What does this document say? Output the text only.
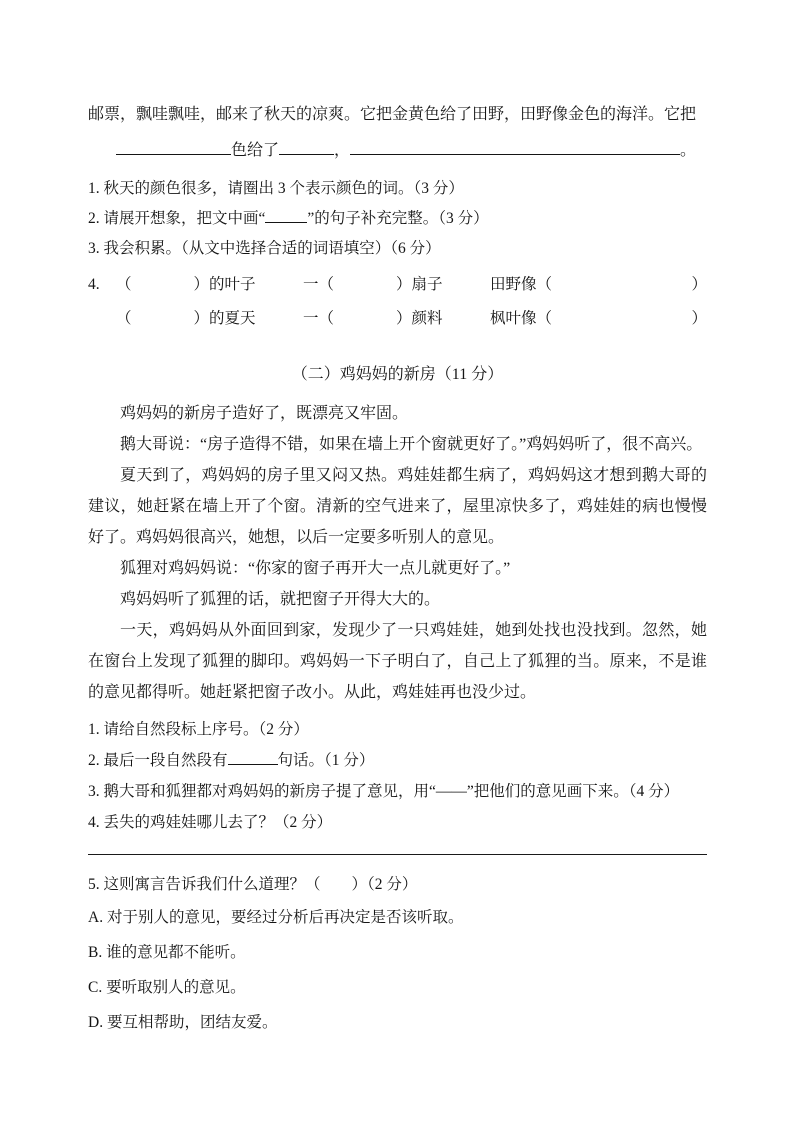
邮票，飘哇飘哇，邮来了秋天的凉爽。它把金黄色给了田野，田野像金色的海洋。它把
色给了	，	。
1. 秋天的颜色很多，请圈出 3 个表示颜色的词。（3 分）
2. 请展开想象，把文中画“	”的句子补充完整。（3 分）
3. 我会积累。（从文中选择合适的词语填空）（6 分）
4.	（　　　　）的叶子	一（　　　　）扇子	田野像（　　　　　　　　　）
（　　　　）的夏天	一（　　　　）颜料	枫叶像（　　　　　　　　　）
（二）鸡妈妈的新房（11 分）

鸡妈妈的新房子造好了，既漂亮又牢固。

鹅大哥说：“房子造得不错，如果在墙上开个窗就更好了。”鸡妈妈听了，很不高兴。

夏天到了，鸡妈妈的房子里又闷又热。鸡娃娃都生病了，鸡妈妈这才想到鹅大哥的建议，她赶紧在墙上开了个窗。清新的空气进来了，屋里凉快多了，鸡娃娃的病也慢慢好了。鸡妈妈很高兴，她想，以后一定要多听别人的意见。

狐狸对鸡妈妈说：“你家的窗子再开大一点儿就更好了。”

鸡妈妈听了狐狸的话，就把窗子开得大大的。

一天，鸡妈妈从外面回到家，发现少了一只鸡娃娃，她到处找也没找到。忽然，她在窗台上发现了狐狸的脚印。鸡妈妈一下子明白了，自己上了狐狸的当。原来，不是谁的意见都得听。她赶紧把窗子改小。从此，鸡娃娃再也没少过。

1. 请给自然段标上序号。（2 分）
2. 最后一段自然段有	句话。（1 分）
3. 鹅大哥和狐狸都对鸡妈妈的新房子提了意见，用“——”把他们的意见画下来。（4 分）
4. 丢失的鸡娃娃哪儿去了？（2 分）
5. 这则寓言告诉我们什么道理？（　　）（2 分）
A. 对于别人的意见，要经过分析后再决定是否该听取。
B. 谁的意见都不能听。
C. 要听取别人的意见。
D. 要互相帮助，团结友爱。
